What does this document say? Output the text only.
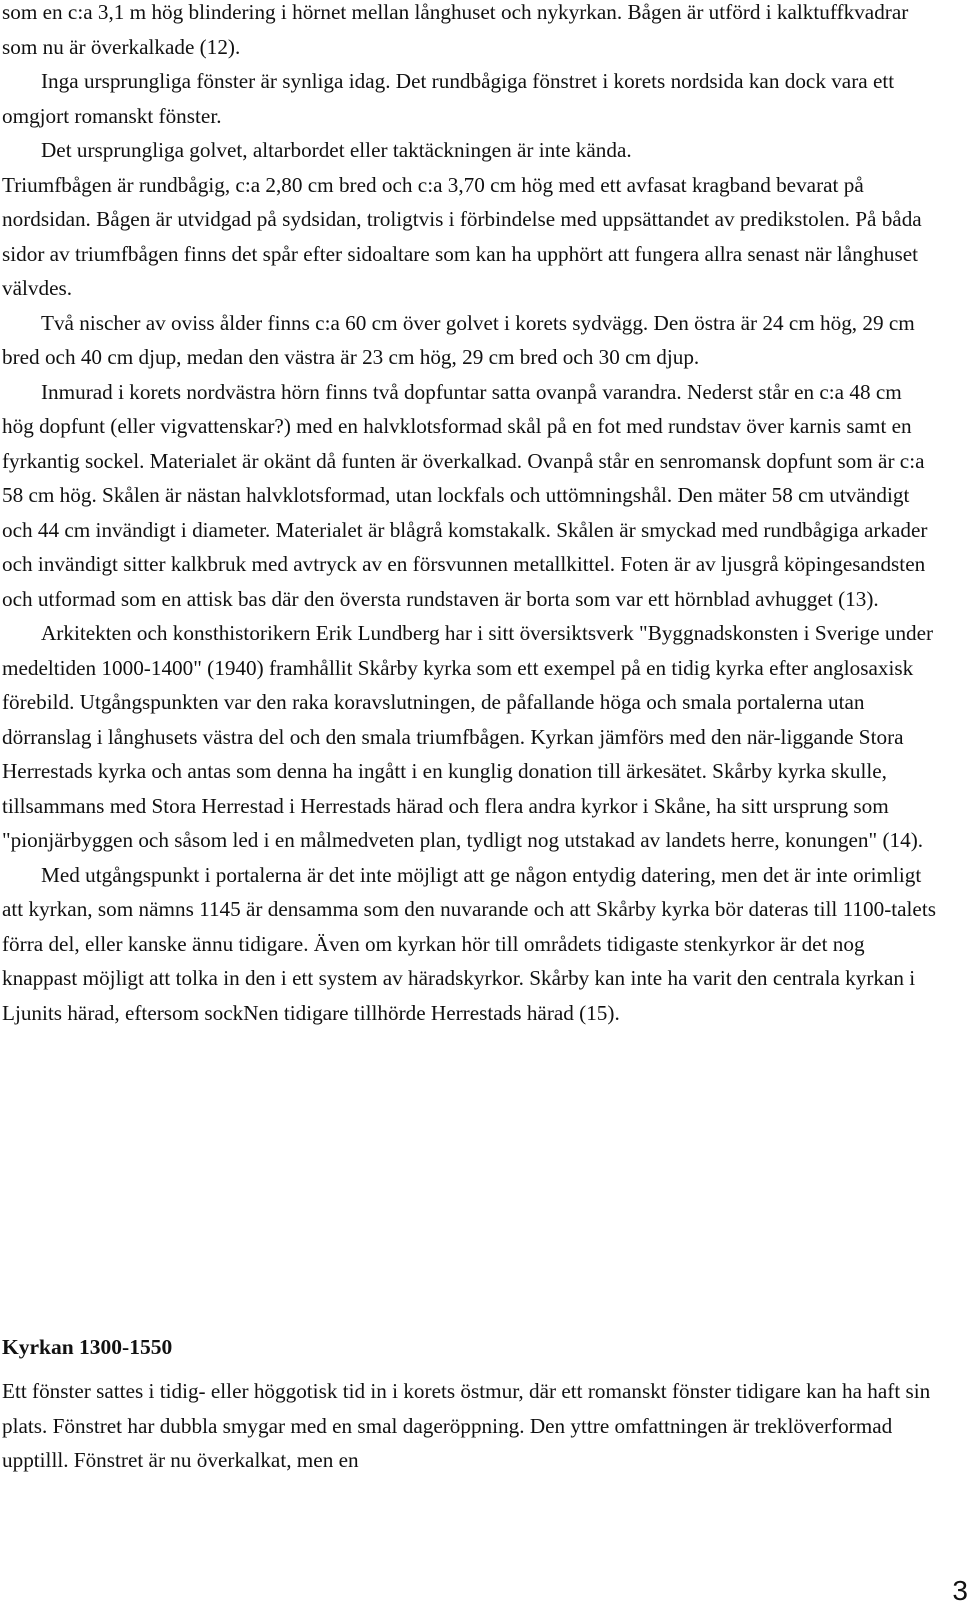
som en c:a 3,1 m hög blindering i hörnet mellan långhuset och nykyrkan. Bågen är utförd i kalktuffkvadrar som nu är överkalkade (12).

Inga ursprungliga fönster är synliga idag. Det rundbågiga fönstret i korets nordsida kan dock vara ett omgjort romanskt fönster.

Det ursprungliga golvet, altarbordet eller taktäckningen är inte kända.

Triumfbågen är rundbågig, c:a 2,80 cm bred och c:a 3,70 cm hög med ett avfasat kragband bevarat på nordsidan. Bågen är utvidgad på sydsidan, troligtvis i förbindelse med uppsättandet av predikstolen. På båda sidor av triumfbågen finns det spår efter sidoaltare som kan ha upphört att fungera allra senast när långhuset välvdes.

Två nischer av oviss ålder finns c:a 60 cm över golvet i korets sydvägg. Den östra är 24 cm hög, 29 cm bred och 40 cm djup, medan den västra är 23 cm hög, 29 cm bred och 30 cm djup.

Inmurad i korets nordvästra hörn finns två dopfuntar satta ovanpå varandra. Nederst står en c:a 48 cm hög dopfunt (eller vigvattenskar?) med en halvklotsformad skål på en fot med rundstav över karnis samt en fyrkantig sockel. Materialet är okänt då funten är överkalkad. Ovanpå står en senromansk dopfunt som är c:a 58 cm hög. Skålen är nästan halvklotsformad, utan lockfals och uttömningshål. Den mäter 58 cm utvändigt och 44 cm invändigt i diameter. Materialet är blågrå komstakalk. Skålen är smyckad med rundbågiga arkader och invändigt sitter kalkbruk med avtryck av en försvunnen metallkittel. Foten är av ljusgrå köpingesandsten och utformad som en attisk bas där den översta rundstaven är borta som var ett hörnblad avhugget (13).

Arkitekten och konsthistorikern Erik Lundberg har i sitt översiktsverk "Byggnadskonsten i Sverige under medeltiden 1000-1400" (1940) framhållit Skårby kyrka som ett exempel på en tidig kyrka efter anglosaxisk förebild. Utgångspunkten var den raka koravslutningen, de påfallande höga och smala portalerna utan dörranslag i långhusets västra del och den smala triumfbågen. Kyrkan jämförs med den när-liggande Stora Herrestads kyrka och antas som denna ha ingått i en kunglig donation till ärkesätet. Skårby kyrka skulle, tillsammans med Stora Herrestad i Herrestads härad och flera andra kyrkor i Skåne, ha sitt ursprung som "pionjärbyggen och såsom led i en målmedveten plan, tydligt nog utstakad av landets herre, konungen" (14).

Med utgångspunkt i portalerna är det inte möjligt att ge någon entydig datering, men det är inte orimligt att kyrkan, som nämns 1145 är densamma som den nuvarande och att Skårby kyrka bör dateras till 1100-talets förra del, eller kanske ännu tidigare. Även om kyrkan hör till områdets tidigaste stenkyrkor är det nog knappast möjligt att tolka in den i ett system av häradskyrkor. Skårby kan inte ha varit den centrala kyrkan i Ljunits härad, eftersom sockNen tidigare tillhörde Herrestads härad (15).

Kyrkan 1300-1550

Ett fönster sattes i tidig- eller höggotisk tid in i korets östmur, där ett romanskt fönster tidigare kan ha haft sin plats. Fönstret har dubbla smygar med en smal dageröppning. Den yttre omfattningen är treklöverformad upptilll. Fönstret är nu överkalkat, men en

3
